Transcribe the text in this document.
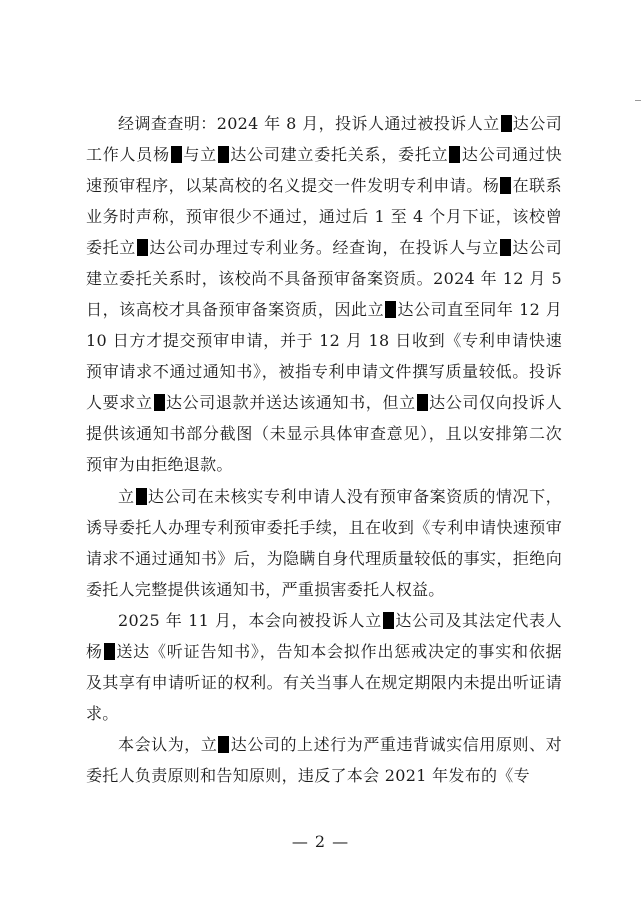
经调查查明：2024 年 8 月，投诉人通过被投诉人立 达公司工作人员杨 与立 达公司建立委托关系，委托立 达公司通过快速预审程序，以某高校的名义提交一件发明专利申请。杨 在联系业务时声称，预审很少不通过，通过后 1 至 4 个月下证，该校曾委托立 达公司办理过专利业务。经查询，在投诉人与立 达公司建立委托关系时，该校尚不具备预审备案资质。2024 年 12 月 5 日，该高校才具备预审备案资质，因此立 达公司直至同年 12 月 10 日方才提交预审申请，并于 12 月 18 日收到《专利申请快速预审请求不通过通知书》，被指专利申请文件撰写质量较低。投诉人要求立 达公司退款并送达该通知书，但立 达公司仅向投诉人提供该通知书部分截图（未显示具体审查意见），且以安排第二次预审为由拒绝退款。

立 达公司在未核实专利申请人没有预审备案资质的情况下，诱导委托人办理专利预审委托手续，且在收到《专利申请快速预审请求不通过通知书》后，为隐瞒自身代理质量较低的事实，拒绝向委托人完整提供该通知书，严重损害委托人权益。

2025 年 11 月，本会向被投诉人立 达公司及其法定代表人杨 送达《听证告知书》，告知本会拟作出惩戒决定的事实和依据及其享有申请听证的权利。有关当事人在规定期限内未提出听证请求。

本会认为，立 达公司的上述行为严重违背诚实信用原则、对委托人负责原则和告知原则，违反了本会 2021 年发布的《专

— 2 —
